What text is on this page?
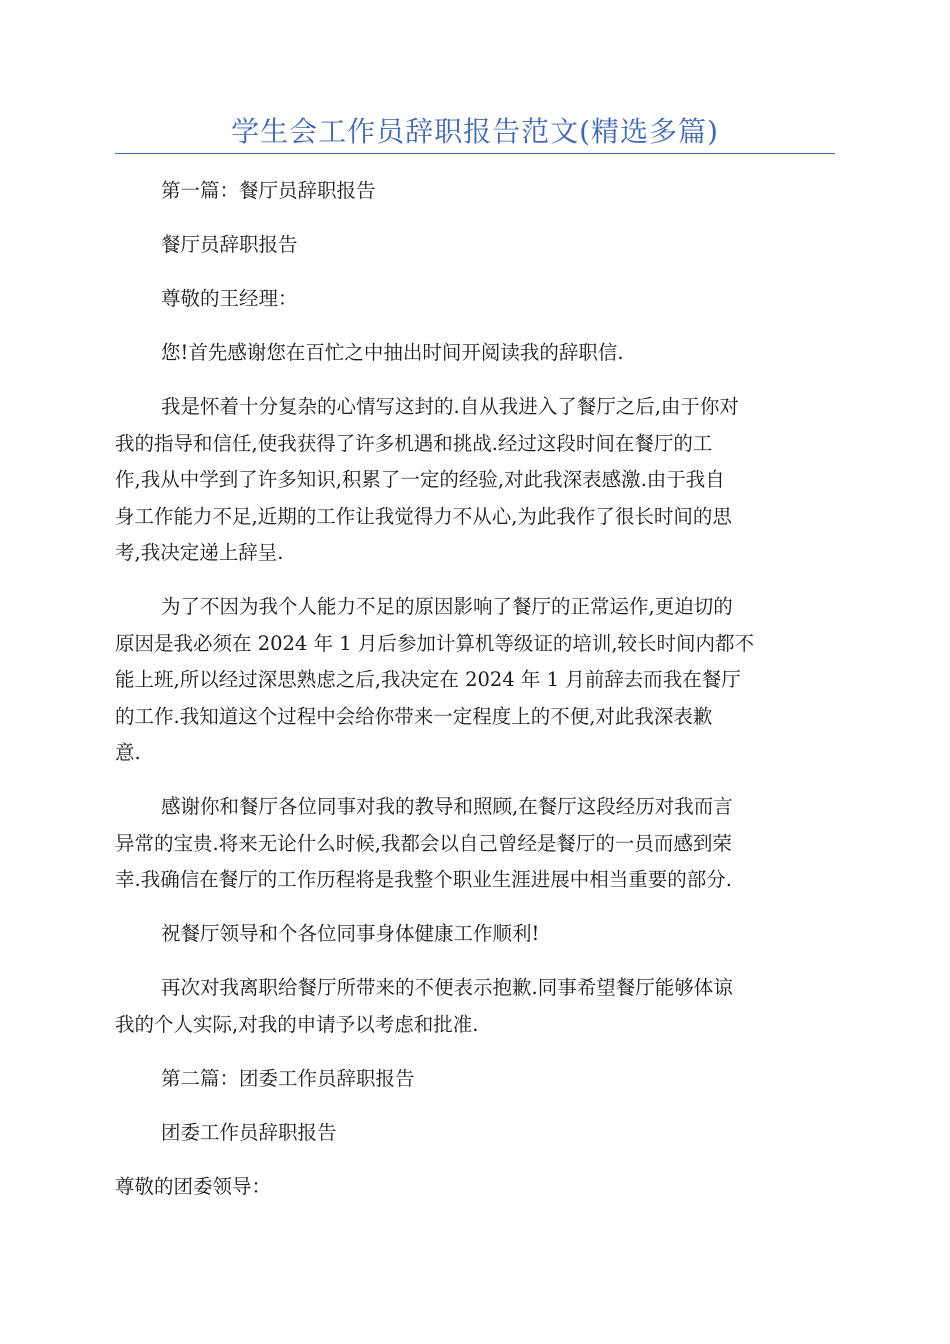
学生会工作员辞职报告范文(精选多篇)
第一篇：餐厅员辞职报告
餐厅员辞职报告
尊敬的王经理：
您!首先感谢您在百忙之中抽出时间开阅读我的辞职信.
我是怀着十分复杂的心情写这封的.自从我进入了餐厅之后,由于你对
我的指导和信任,使我获得了许多机遇和挑战.经过这段时间在餐厅的工
作,我从中学到了许多知识,积累了一定的经验,对此我深表感激.由于我自
身工作能力不足,近期的工作让我觉得力不从心,为此我作了很长时间的思
考,我决定递上辞呈.
为了不因为我个人能力不足的原因影响了餐厅的正常运作,更迫切的
原因是我必须在 2024 年 1 月后参加计算机等级证的培训,较长时间内都不
能上班,所以经过深思熟虑之后,我决定在 2024 年 1 月前辞去而我在餐厅
的工作.我知道这个过程中会给你带来一定程度上的不便,对此我深表歉
意.
感谢你和餐厅各位同事对我的教导和照顾,在餐厅这段经历对我而言
异常的宝贵.将来无论什么时候,我都会以自己曾经是餐厅的一员而感到荣
幸.我确信在餐厅的工作历程将是我整个职业生涯进展中相当重要的部分.
祝餐厅领导和个各位同事身体健康工作顺利!
再次对我离职给餐厅所带来的不便表示抱歉.同事希望餐厅能够体谅
我的个人实际,对我的申请予以考虑和批准.
第二篇：团委工作员辞职报告
团委工作员辞职报告
尊敬的团委领导：
